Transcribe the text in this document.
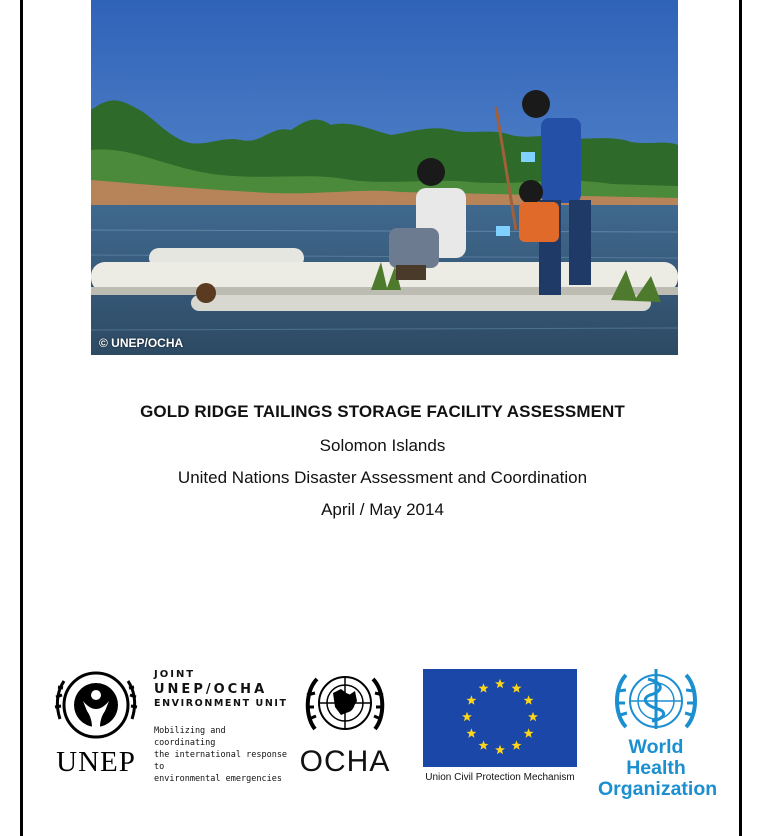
© UNEP/OCHA
GOLD RIDGE TAILINGS STORAGE FACILITY ASSESSMENT
Solomon Islands
United Nations Disaster Assessment and Coordination
April / May 2014
UNEP
JOINT
UNEP/OCHA
ENVIRONMENT UNIT
Mobilizing and coordinating
the international response to
environmental emergencies
OCHA	Union Civil Protection Mechanism
World Health
Organization
